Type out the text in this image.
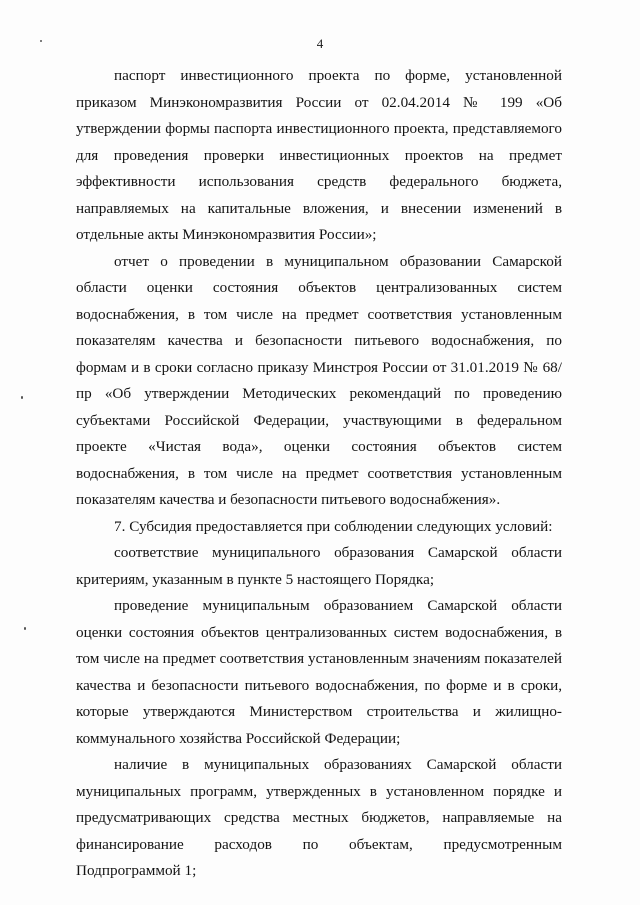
4

паспорт инвестиционного проекта по форме, установленной приказом Минэкономразвития России от 02.04.2014 № 199 «Об утверждении формы паспорта инвестиционного проекта, представляемого для проведения проверки инвестиционных проектов на предмет эффективности использования средств федерального бюджета, направляемых на капитальные вложения, и внесении изменений в отдельные акты Минэкономразвития России»;

отчет о проведении в муниципальном образовании Самарской области оценки состояния объектов централизованных систем водоснабжения, в том числе на предмет соответствия установленным показателям качества и безопасности питьевого водоснабжения, по формам и в сроки согласно приказу Минстроя России от 31.01.2019 № 68/пр «Об утверждении Методических рекомендаций по проведению субъектами Российской Федерации, участвующими в федеральном проекте «Чистая вода», оценки состояния объектов систем водоснабжения, в том числе на предмет соответствия установленным показателям качества и безопасности питьевого водоснабжения».

7. Субсидия предоставляется при соблюдении следующих условий:

соответствие муниципального образования Самарской области критериям, указанным в пункте 5 настоящего Порядка;

проведение муниципальным образованием Самарской области оценки состояния объектов централизованных систем водоснабжения, в том числе на предмет соответствия установленным значениям показателей качества и безопасности питьевого водоснабжения, по форме и в сроки, которые утверждаются Министерством строительства и жилищно-коммунального хозяйства Российской Федерации;

наличие в муниципальных образованиях Самарской области муниципальных программ, утвержденных в установленном порядке и предусматривающих средства местных бюджетов, направляемые на финансирование расходов по объектам, предусмотренным Подпрограммой 1;
